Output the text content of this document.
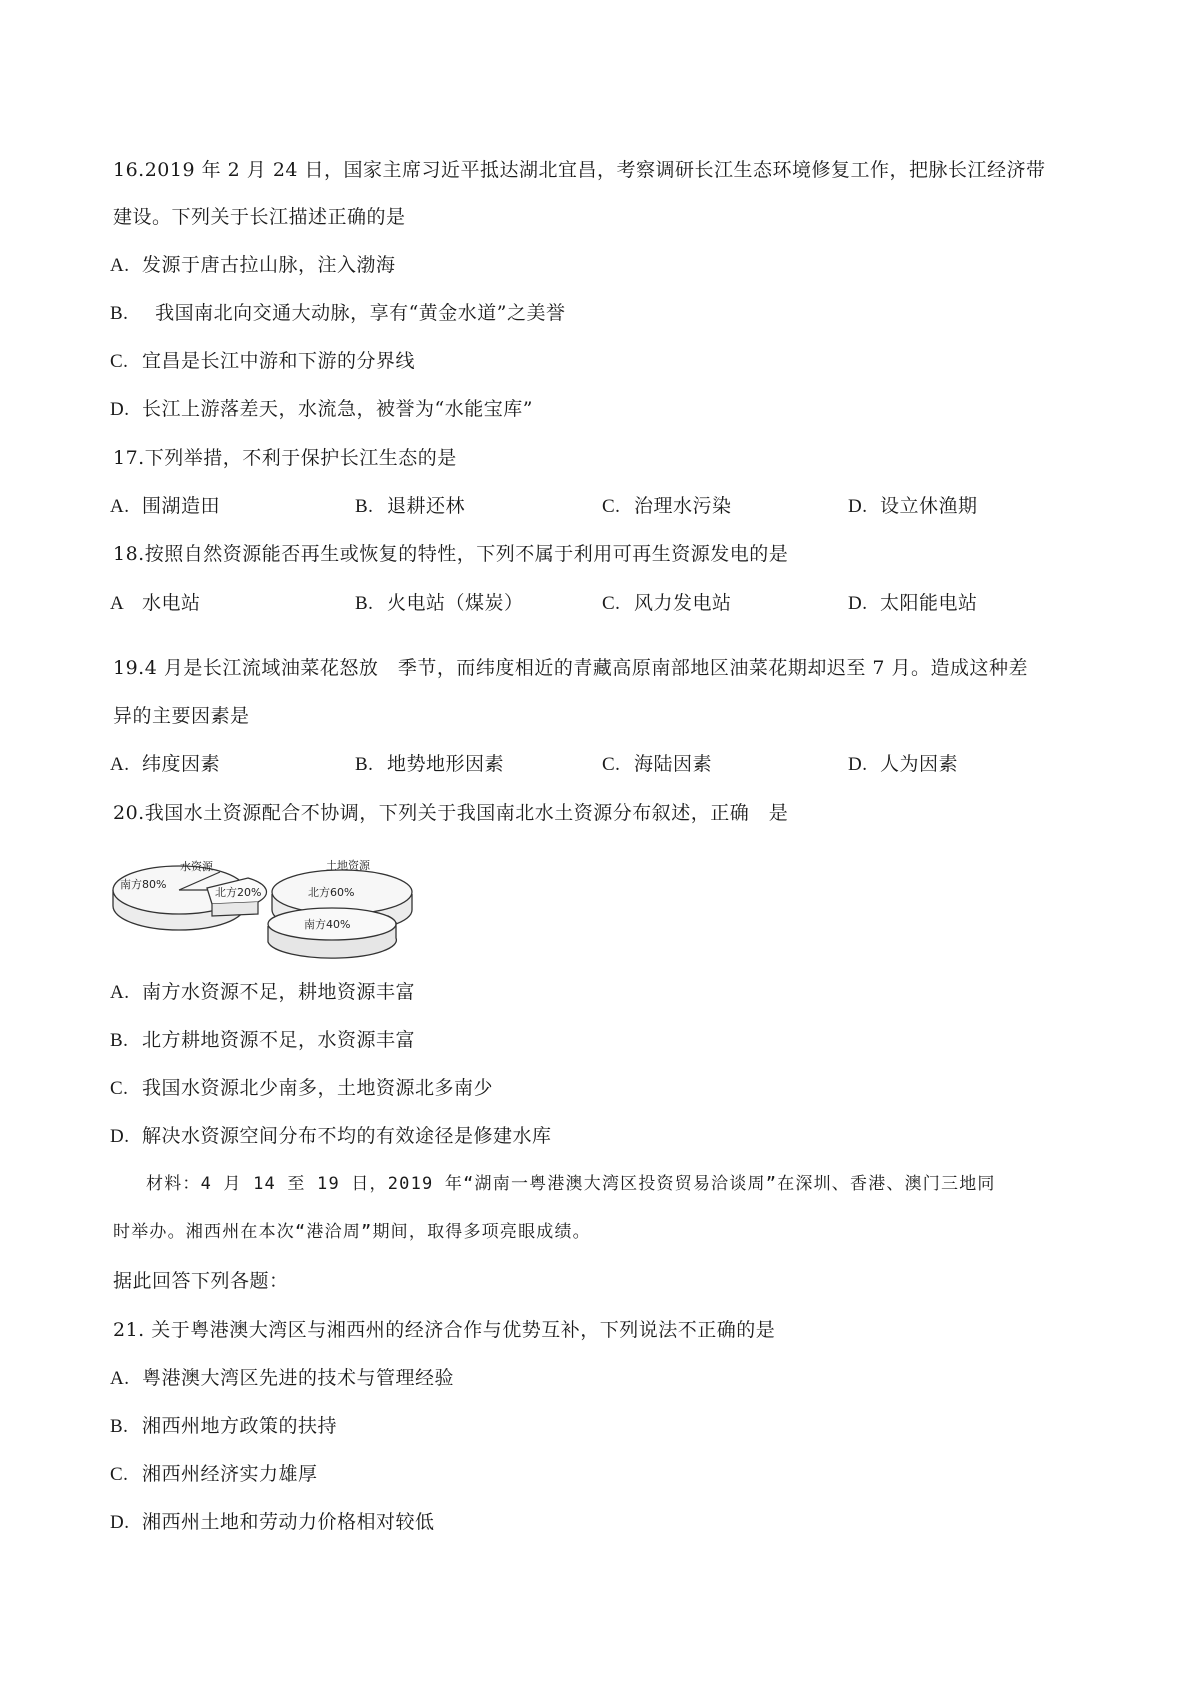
16.2019 年 2 月 24 日，国家主席习近平抵达湖北宜昌，考察调研长江生态环境修复工作，把脉长江经济带
建设。下列关于长江描述正确的是
A. 发源于唐古拉山脉，注入渤海
B.  我国南北向交通大动脉，享有“黄金水道”之美誉
C. 宜昌是长江中游和下游的分界线
D. 长江上游落差天，水流急，被誉为“水能宝库”
17.下列举措，不利于保护长江生态的是
A. 围湖造田	B. 退耕还林	C. 治理水污染	D. 设立休渔期
18.按照自然资源能否再生或恢复的特性，下列不属于利用可再生资源发电的是
A 水电站	B. 火电站（煤炭）	C. 风力发电站	D. 太阳能电站
19.4 月是长江流域油菜花怒放　季节，而纬度相近的青藏高原南部地区油菜花期却迟至 7 月。造成这种差
异的主要因素是
A. 纬度因素	B. 地势地形因素	C. 海陆因素	D. 人为因素
20.我国水土资源配合不协调，下列关于我国南北水土资源分布叙述，正确　是
水资源
南方80%
北方20%
土地资源
北方60%
南方40%
A. 南方水资源不足，耕地资源丰富
B. 北方耕地资源不足，水资源丰富
C. 我国水资源北少南多，土地资源北多南少
D. 解决水资源空间分布不均的有效途径是修建水库
材料：4 月 14 至 19 日，2019 年“湖南一粤港澳大湾区投资贸易洽谈周”在深圳、香港、澳门三地同
时举办。湘西州在本次“港洽周”期间，取得多项亮眼成绩。
据此回答下列各题：
21. 关于粤港澳大湾区与湘西州的经济合作与优势互补，下列说法不正确的是
A. 粤港澳大湾区先进的技术与管理经验
B. 湘西州地方政策的扶持
C. 湘西州经济实力雄厚
D. 湘西州土地和劳动力价格相对较低
